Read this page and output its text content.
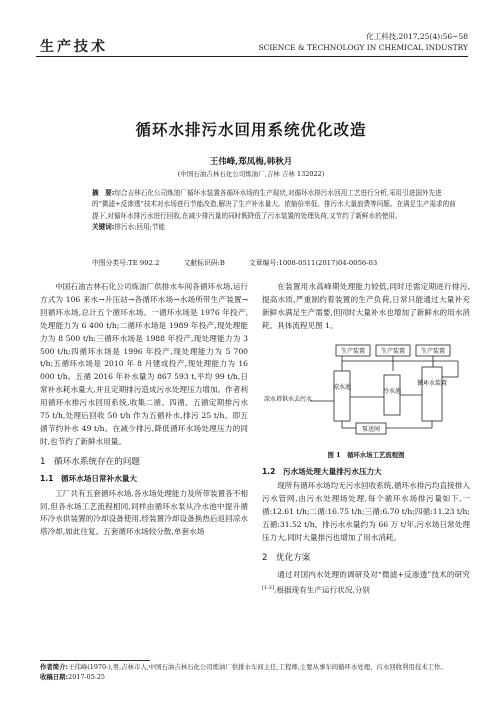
生产技术
化工科技,2017,25(4):56~58
SCIENCE & TECHNOLOGY IN CHEMICAL INDUSTRY
循环水排污水回用系统优化改造
王伟峰,郑凤梅,韩秋月
(中国石油吉林石化公司炼油厂,吉林 吉林 132022)
摘　要:综合吉林石化公司炼油厂循环水装置各循环水场的生产现状,对循环水排污水回用工艺进行分析,采用引进国外先进的“微滤+反渗透”技术对水场进行节能改造,解决了生产补水量大、浓缩倍率低、排污水大量浪费等问题。在满足生产需求的前提下,对循环水排污水进行回收,在减少排污量的同时既降低了污水装置的处理负荷,又节约了新鲜水的使用。
关键词:排污水;回用;节能
中图分类号:TE 992.2	文献标识码:B	文章编号:1008-0511(2017)04-0056-03

中国石油吉林石化公司炼油厂供排水车间各循环水场,运行方式为 106 来水→升压站→各循环水场→水场所带生产装置→回循环水场,总计五个循环水场。一循环水场是 1976 年投产,处理能力为 6 400 t/h;二循环水场是 1989 年投产,现处理能力为 8 500 t/h;三循环水场是 1988 年投产,现处理能力为 3 500 t/h;四循环水场是 1996 年投产,现处理能力为 5 700 t/h;五循环水场是 2010 年 8 月建成投产,现处理能力为 16 000 t/h。五循 2016 年补水量为 867 593 t,平均 99 t/h,日常补水耗水量大,并且定期排污造成污水处理压力增加。作者利用循环水排污水回用系统,收集二循、四循、五循定期排污水 75 t/h,处理后回收 50 t/h 作为五循补水,排污 25 t/h。即五循节约补水 49 t/h。在减少排污,降低循环水场处理压力的同时,也节约了新鲜水用量。

1　循环水系统存在的问题
1.1　循环水场日常补水量大

工厂共有五套循环水场,各水场处理能力及所带装置各不相同,但各水场工艺流程相同,同样由循环水泵从冷水池中提升循环冷水供装置的冷却设备使用,经装置冷却设备换热后返回凉水塔冷却,如此往复。五套循环水场较分散,单套水场

在装置用水高峰期处理能力较低,同时还需定期进行排污,提高水质,严重制约着装置的生产负荷,日常只能通过大量补充新鲜水满足生产需要,但同时大量补水也增加了新鲜水的用水消耗。具体流程见图 1。

生产装置	生产装置	生产装置
凉水塔供水去污水
凉水池
冷水池
循环水装置
泵送间
图 1　循环水场工艺流程图
1.2　污水场处理大量排污水压力大

现所有循环水场均无污水回收系统,循环水排污均直接排入污水管网,由污水处理场处理,每个循环水场排污量如下,一循:12.61 t/h;二循:16.75 t/h;三循:6.70 t/h;四循:11.23 t/h;五循:31.52 t/h。排污水水量约为 66 万 t/年,污水场日常处理压力大,同时大量排污也增加了用水消耗。

2　优化方案

通过对国内水处理的调研及对“微滤+反渗透”技术的研究[1-2],根据现有生产运行状况,分别

作者简介:王伟峰(1970-),男,吉林市人,中国石油吉林石化公司炼油厂供排水车间主任,工程师,主要从事车间循环水处理、污水回收利用技术工作。
收稿日期:2017-05-25
